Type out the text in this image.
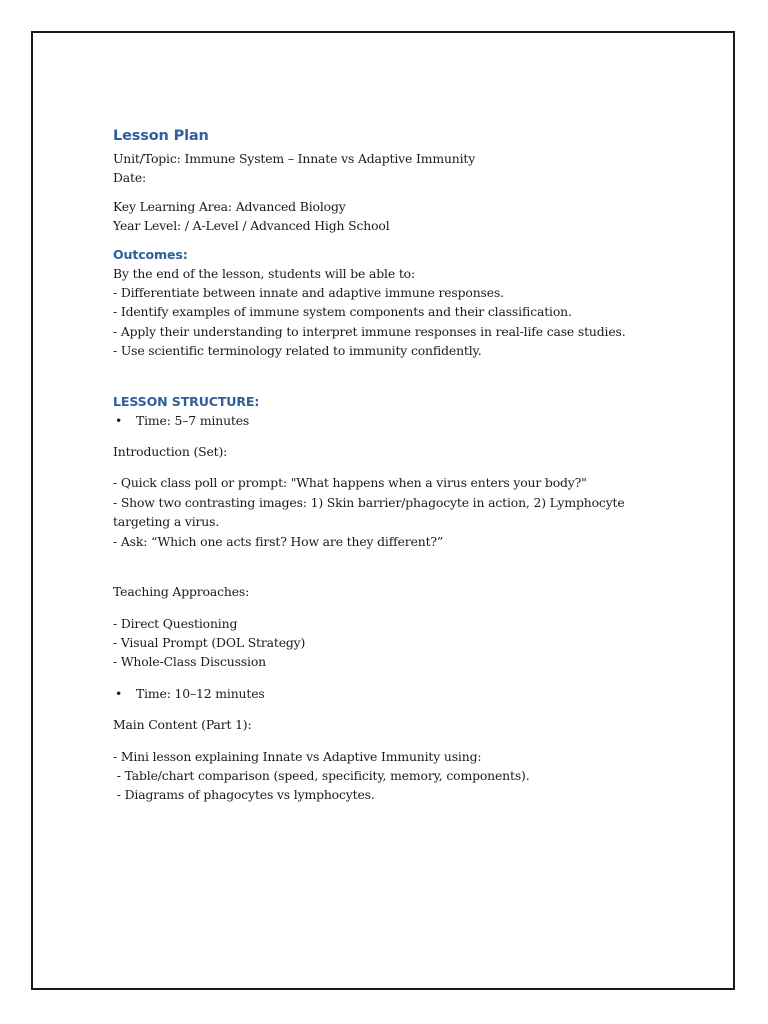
Lesson Plan

Unit/Topic: Immune System – Innate vs Adaptive Immunity

Date:

Key Learning Area: Advanced Biology

Year Level: / A-Level / Advanced High School

Outcomes:

By the end of the lesson, students will be able to:

- Differentiate between innate and adaptive immune responses.

- Identify examples of immune system components and their classification.

- Apply their understanding to interpret immune responses in real-life case studies.

- Use scientific terminology related to immunity confidently.

LESSON STRUCTURE:

•	Time: 5–7 minutes

Introduction (Set):

- Quick class poll or prompt: "What happens when a virus enters your body?"

- Show two contrasting images: 1) Skin barrier/phagocyte in action, 2) Lymphocyte targeting a virus.

- Ask: “Which one acts first? How are they different?”

Teaching Approaches:

- Direct Questioning

- Visual Prompt (DOL Strategy)

- Whole-Class Discussion

•	Time: 10–12 minutes

Main Content (Part 1):

- Mini lesson explaining Innate vs Adaptive Immunity using:

- Table/chart comparison (speed, specificity, memory, components).

- Diagrams of phagocytes vs lymphocytes.
